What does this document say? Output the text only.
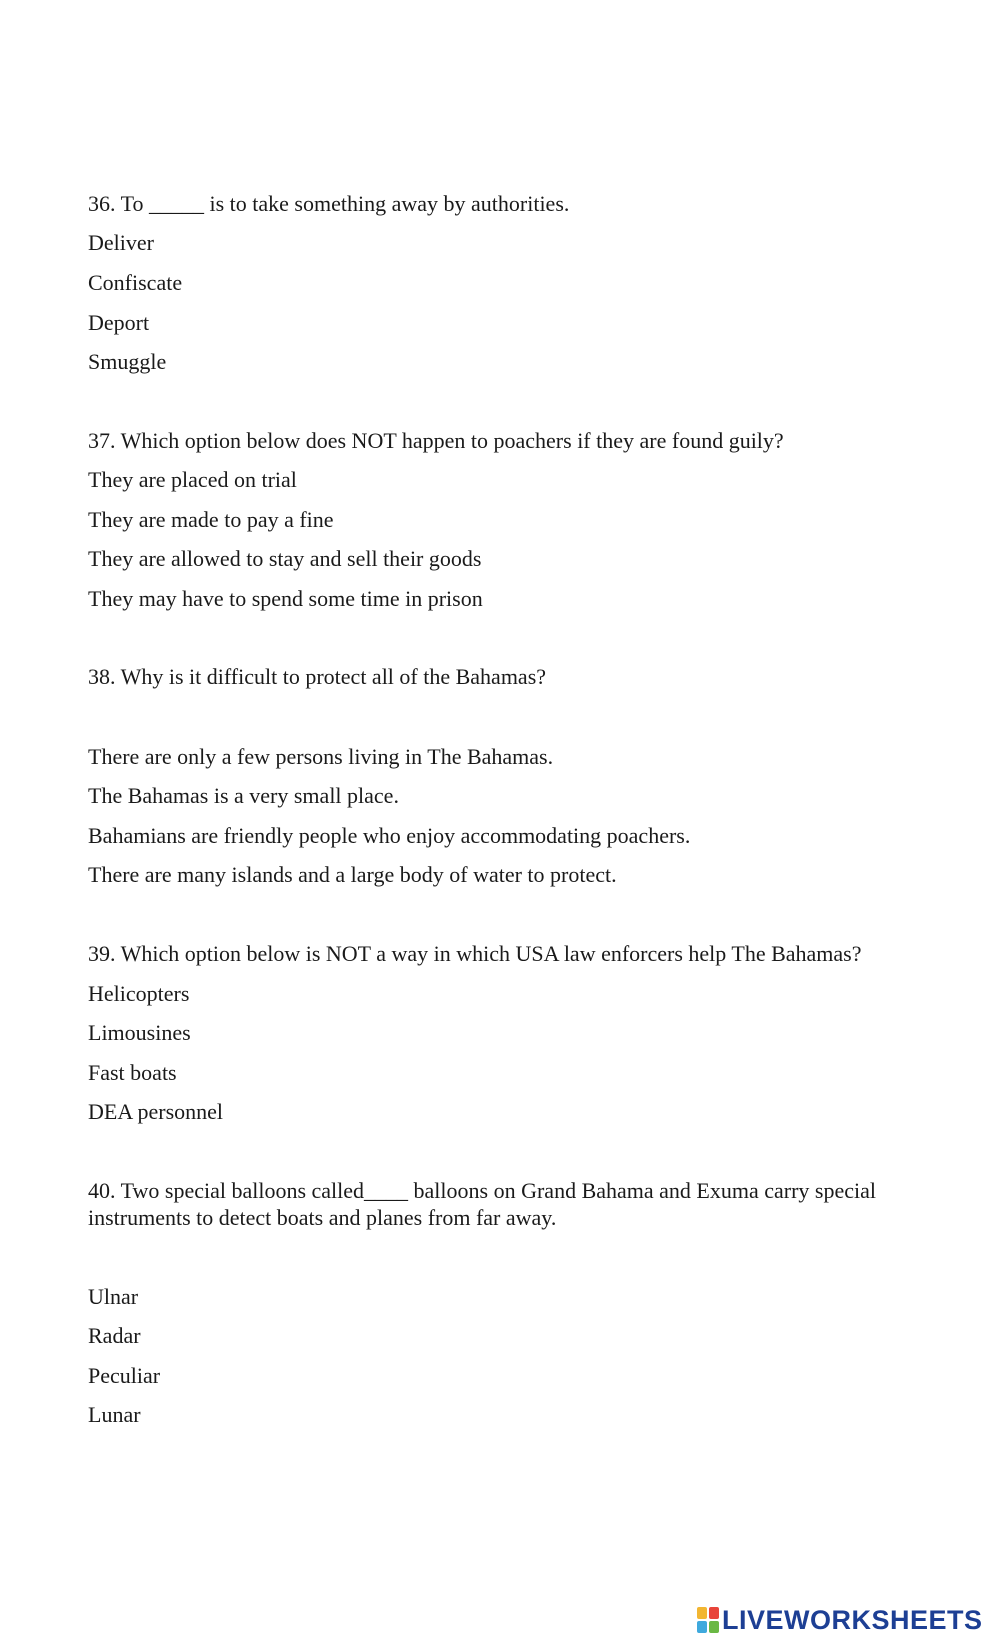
36. To _____ is to take something away by authorities.
Deliver
Confiscate
Deport
Smuggle
37. Which option below does NOT happen to poachers if they are found guily?
They are placed on trial
They are made to pay a fine
They are allowed to stay and sell their goods
They may have to spend some time in prison
38. Why is it difficult to protect all of the Bahamas?
There are only a few persons living in The Bahamas.
The Bahamas is a very small place.
Bahamians are friendly people who enjoy accommodating poachers.
There are many islands and a large body of water to protect.
39. Which option below is NOT a way in which USA law enforcers help The Bahamas?
Helicopters
Limousines
Fast boats
DEA personnel
40. Two special balloons called____ balloons on Grand Bahama and Exuma carry special instruments to detect boats and planes from far away.
Ulnar
Radar
Peculiar
Lunar
LIVEWORKSHEETS
